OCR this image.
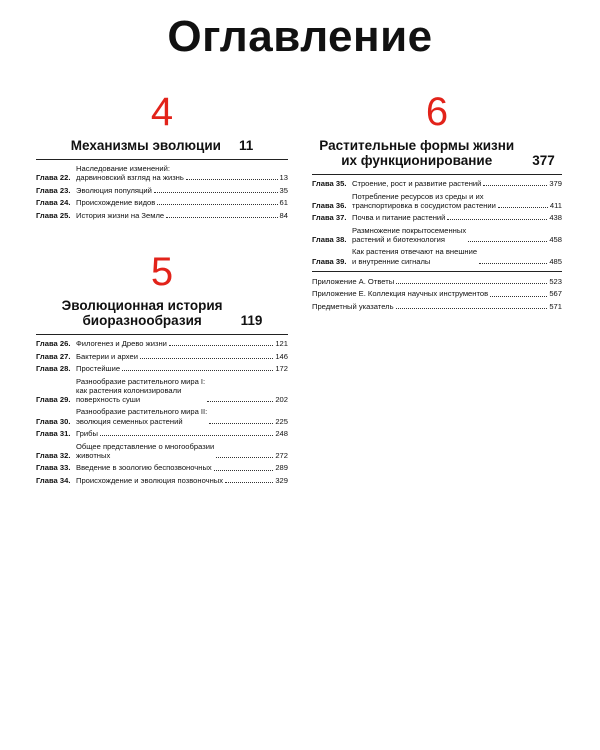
Оглавление
4
Механизмы эволюции 11
Глава 22.
Наследование изменений:
дарвиновский взгляд на жизнь	13
Глава 23. Эволюция популяций	35
Глава 24. Происхождение видов	61
Глава 25. История жизни на Земле	84
5
Эволюционная история
биоразнообразия	119
Глава 26. Филогенез и Древо жизни	121
Глава 27. Бактерии и археи	146
Глава 28. Простейшие	172
Глава 29.
Разнообразие растительного мира I:
как растения колонизировали
поверхность суши	202
Глава 30.
Разнообразие растительного мира II:
эволюция семенных растений	225
Глава 31. Грибы	248
Глава 32.
Общее представление о многообразии
животных	272
Глава 33. Введение в зоологию беспозвоночных	289
Глава 34. Происхождение и эволюция позвоночных	329
6
Растительные формы жизни
их функционирование	377
Глава 35. Строение, рост и развитие растений	379
Глава 36.
Потребление ресурсов из среды и их
транспортировка в сосудистом растении	411
Глава 37. Почва и питание растений	438
Глава 38.
Размножение покрытосеменных
растений и биотехнология	458
Глава 39.
Как растения отвечают на внешние
и внутренние сигналы	485
Приложение А. Ответы	523
Приложение Е. Коллекция научных инструментов	567
Предметный указатель	571
